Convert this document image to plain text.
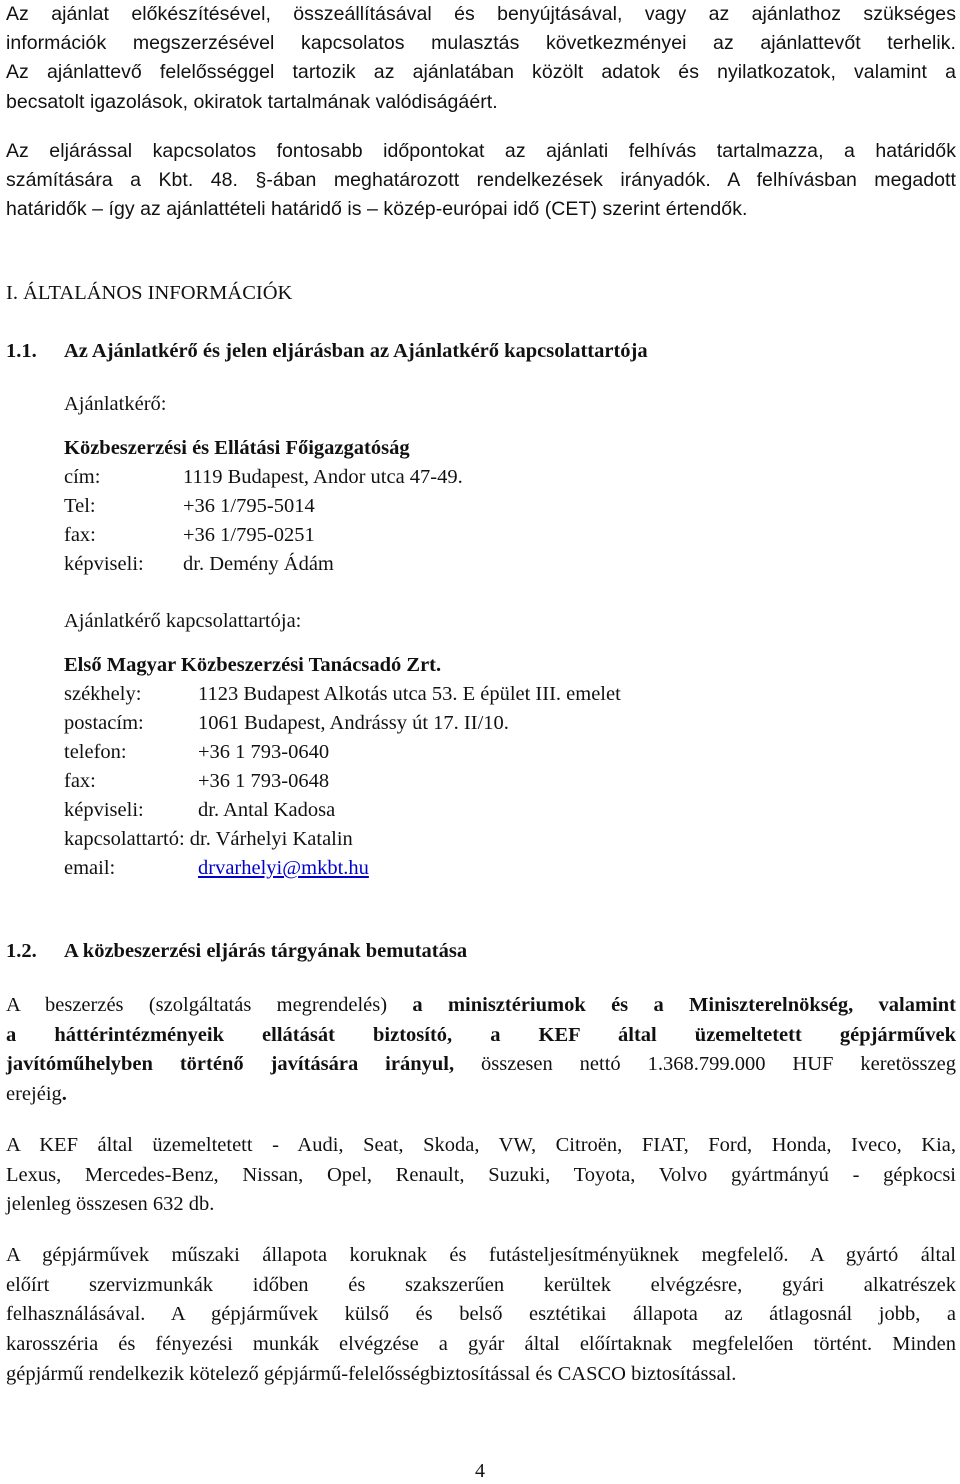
Az ajánlat előkészítésével, összeállításával és benyújtásával, vagy az ajánlathoz szükséges

információk megszerzésével kapcsolatos mulasztás következményei az ajánlattevőt terhelik.

Az ajánlattevő felelősséggel tartozik az ajánlatában közölt adatok és nyilatkozatok, valamint a

becsatolt igazolások, okiratok tartalmának valódiságáért.

Az eljárással kapcsolatos fontosabb időpontokat az ajánlati felhívás tartalmazza, a határidők

számítására a Kbt. 48. §-ában meghatározott rendelkezések irányadók. A felhívásban megadott

határidők – így az ajánlattételi határidő is – közép-európai idő (CET) szerint értendők.

I. ÁLTALÁNOS INFORMÁCIÓK
1.1. Az Ajánlatkérő és jelen eljárásban az Ajánlatkérő kapcsolattartója

Ajánlatkérő:

Közbeszerzési és Ellátási Főigazgatóság

cím:	1119 Budapest, Andor utca 47-49.
Tel:	+36 1/795-5014
fax:	+36 1/795-0251
képviseli:	dr. Demény Ádám

Ajánlatkérő kapcsolattartója:

Első Magyar Közbeszerzési Tanácsadó Zrt.

székhely:	1123 Budapest Alkotás utca 53. E épület III. emelet
postacím:	1061 Budapest, Andrássy út 17. II/10.
telefon:	+36 1 793-0640
fax:	+36 1 793-0648
képviseli:	dr. Antal Kadosa

kapcsolattartó: dr. Várhelyi Katalin

email:	drvarhelyi@mkbt.hu
1.2. A közbeszerzési eljárás tárgyának bemutatása

A beszerzés (szolgáltatás megrendelés) a minisztériumok és a Miniszterelnökség, valamint

a háttérintézményeik ellátását biztosító, a KEF által üzemeltetett gépjárművek

javítóműhelyben történő javítására irányul, összesen nettó 1.368.799.000 HUF keretösszeg

erejéig.

A KEF által üzemeltetett - Audi, Seat, Skoda, VW, Citroën, FIAT, Ford, Honda, Iveco, Kia,

Lexus, Mercedes-Benz, Nissan, Opel, Renault, Suzuki, Toyota, Volvo gyártmányú - gépkocsi

jelenleg összesen 632 db.

A gépjárművek műszaki állapota koruknak és futásteljesítményüknek megfelelő. A gyártó által

előírt szervizmunkák időben és szakszerűen kerültek elvégzésre, gyári alkatrészek

felhasználásával. A gépjárművek külső és belső esztétikai állapota az átlagosnál jobb, a

karosszéria és fényezési munkák elvégzése a gyár által előírtaknak megfelelően történt. Minden

gépjármű rendelkezik kötelező gépjármű-felelősségbiztosítással és CASCO biztosítással.

4
